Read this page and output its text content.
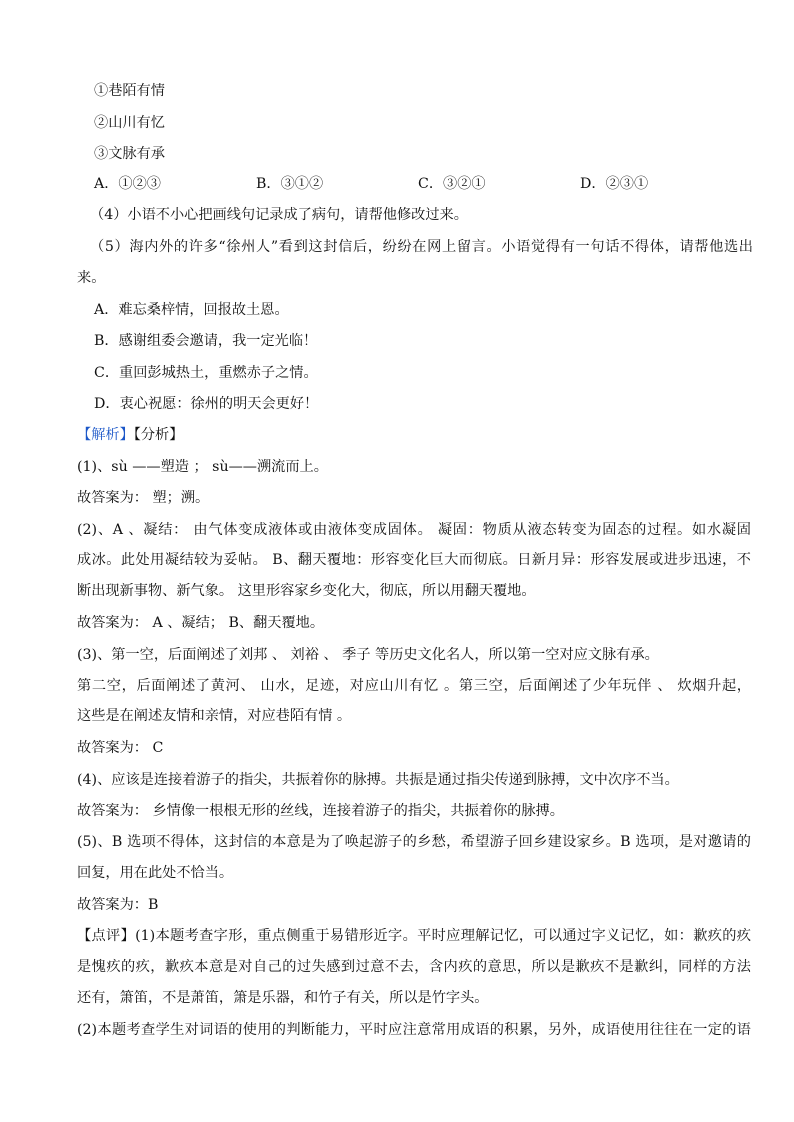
①巷陌有情
②山川有忆
③文脉有承
A．①②③	B．③①②	C．③②①	D．②③①
（4）小语不小心把画线句记录成了病句，请帮他修改过来。
（5）海内外的许多“徐州人”看到这封信后，纷纷在网上留言。小语觉得有一句话不得体，请帮他选出
来。
A．难忘桑梓情，回报故土恩。
B．感谢组委会邀请，我一定光临！
C．重回彭城热土，重燃赤子之情。
D．衷心祝愿：徐州的明天会更好！
【解析】【分析】
(1)、sù ——塑造 ； sù——溯流而上。
故答案为： 塑；溯。
(2)、A 、凝结： 由气体变成液体或由液体变成固体。 凝固：物质从液态转变为固态的过程。如水凝固
成冰。此处用凝结较为妥帖。 B、翻天覆地：形容变化巨大而彻底。日新月异：形容发展或进步迅速，不
断出现新事物、新气象。 这里形容家乡变化大，彻底，所以用翻天覆地。
故答案为： A 、凝结； B、翻天覆地。
(3)、第一空，后面阐述了刘邦 、 刘裕 、 季子 等历史文化名人，所以第一空对应文脉有承。
第二空，后面阐述了黄河、 山水，足迹，对应山川有忆 。第三空，后面阐述了少年玩伴 、 炊烟升起，
这些是在阐述友情和亲情，对应巷陌有情 。
故答案为： C
(4)、应该是连接着游子的指尖，共振着你的脉搏。共振是通过指尖传递到脉搏，文中次序不当。
故答案为： 乡情像一根根无形的丝线，连接着游子的指尖，共振着你的脉搏。
(5)、B 选项不得体，这封信的本意是为了唤起游子的乡愁，希望游子回乡建设家乡。B 选项，是对邀请的
回复，用在此处不恰当。
故答案为：B
【点评】(1)本题考查字形，重点侧重于易错形近字。平时应理解记忆，可以通过字义记忆，如：歉疚的疚
是愧疚的疚，歉疚本意是对自己的过失感到过意不去，含内疚的意思，所以是歉疚不是歉纠，同样的方法
还有，箫笛，不是萧笛，箫是乐器，和竹子有关，所以是竹字头。
(2)本题考查学生对词语的使用的判断能力，平时应注意常用成语的积累，另外，成语使用往往在一定的语
